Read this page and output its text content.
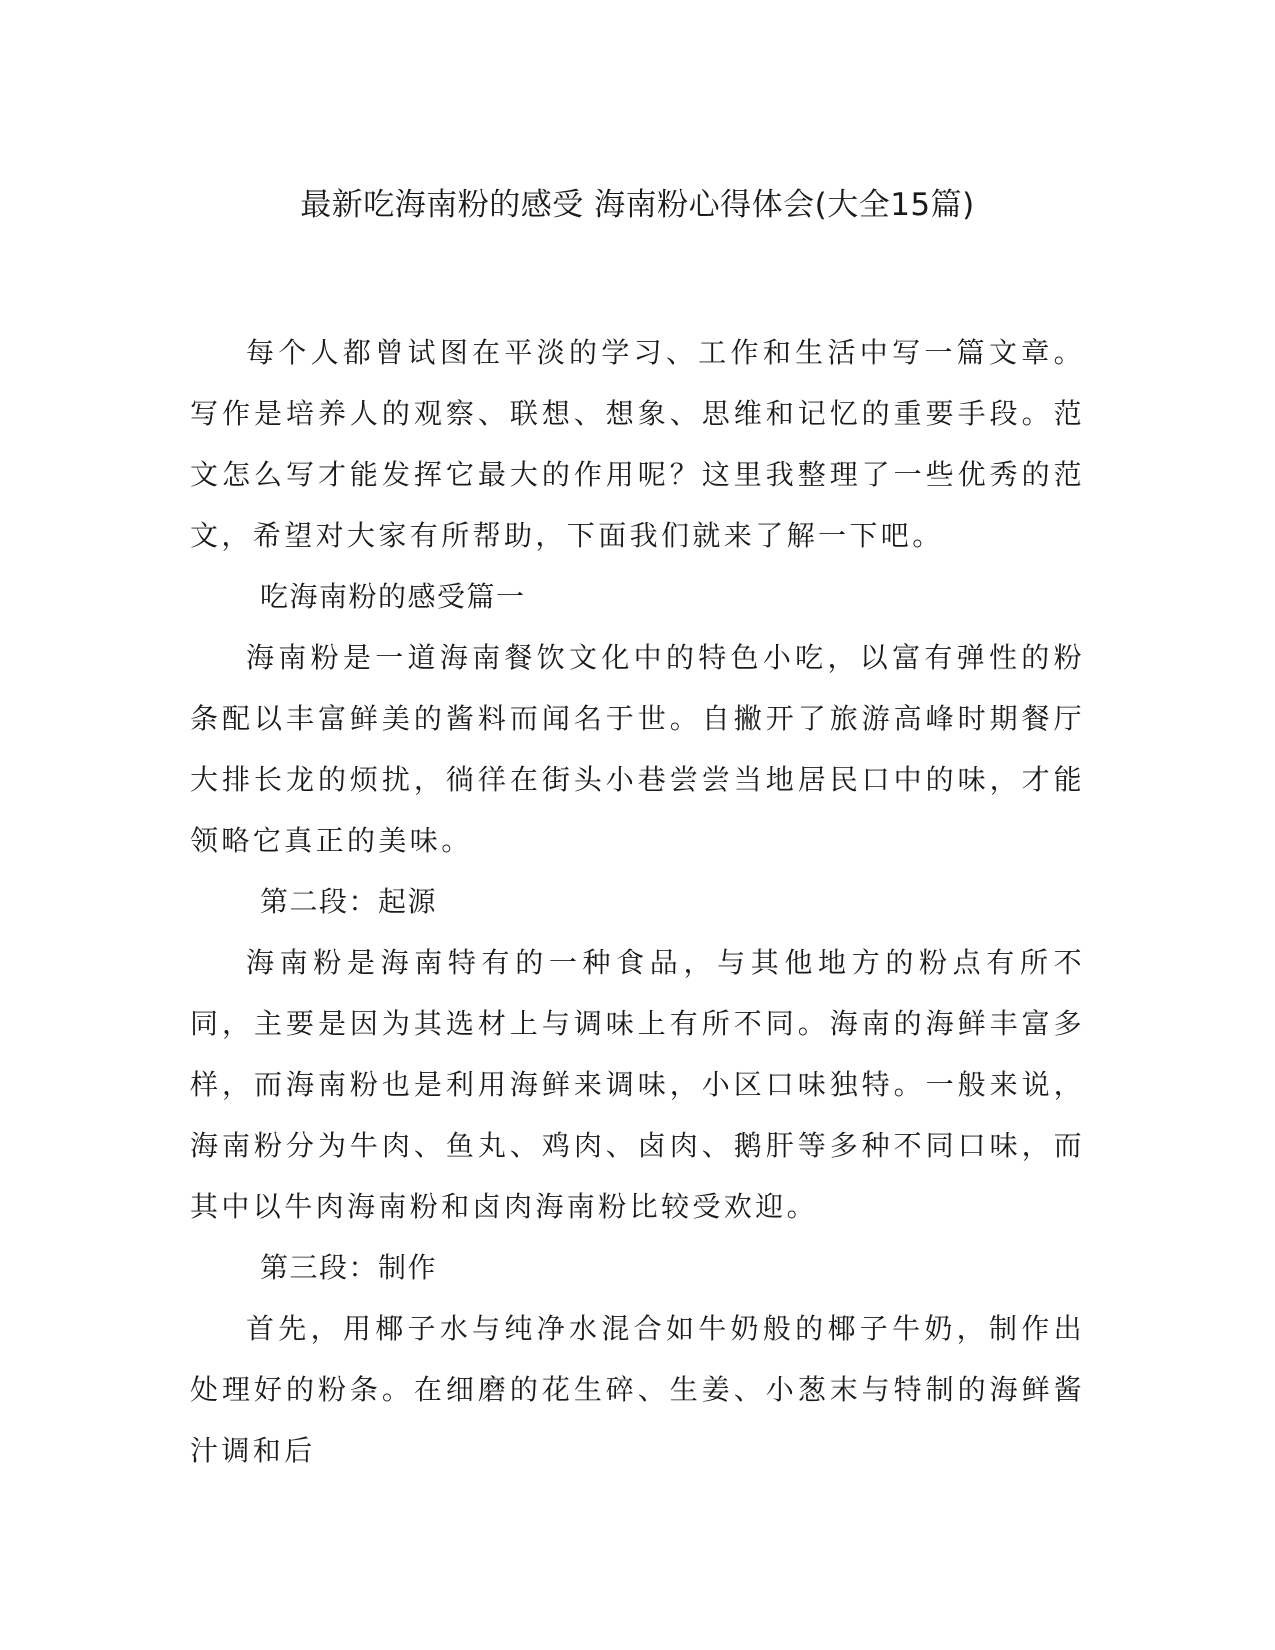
最新吃海南粉的感受 海南粉心得体会(大全15篇)

每个人都曾试图在平淡的学习、工作和生活中写一篇文章。写作是培养人的观察、联想、想象、思维和记忆的重要手段。范文怎么写才能发挥它最大的作用呢？这里我整理了一些优秀的范文，希望对大家有所帮助，下面我们就来了解一下吧。

吃海南粉的感受篇一

海南粉是一道海南餐饮文化中的特色小吃，以富有弹性的粉条配以丰富鲜美的酱料而闻名于世。自撇开了旅游高峰时期餐厅大排长龙的烦扰，徜徉在街头小巷尝尝当地居民口中的味，才能领略它真正的美味。

第二段：起源

海南粉是海南特有的一种食品，与其他地方的粉点有所不同，主要是因为其选材上与调味上有所不同。海南的海鲜丰富多样，而海南粉也是利用海鲜来调味，小区口味独特。一般来说，海南粉分为牛肉、鱼丸、鸡肉、卤肉、鹅肝等多种不同口味，而其中以牛肉海南粉和卤肉海南粉比较受欢迎。

第三段：制作

首先，用椰子水与纯净水混合如牛奶般的椰子牛奶，制作出处理好的粉条。在细磨的花生碎、生姜、小葱末与特制的海鲜酱汁调和后
